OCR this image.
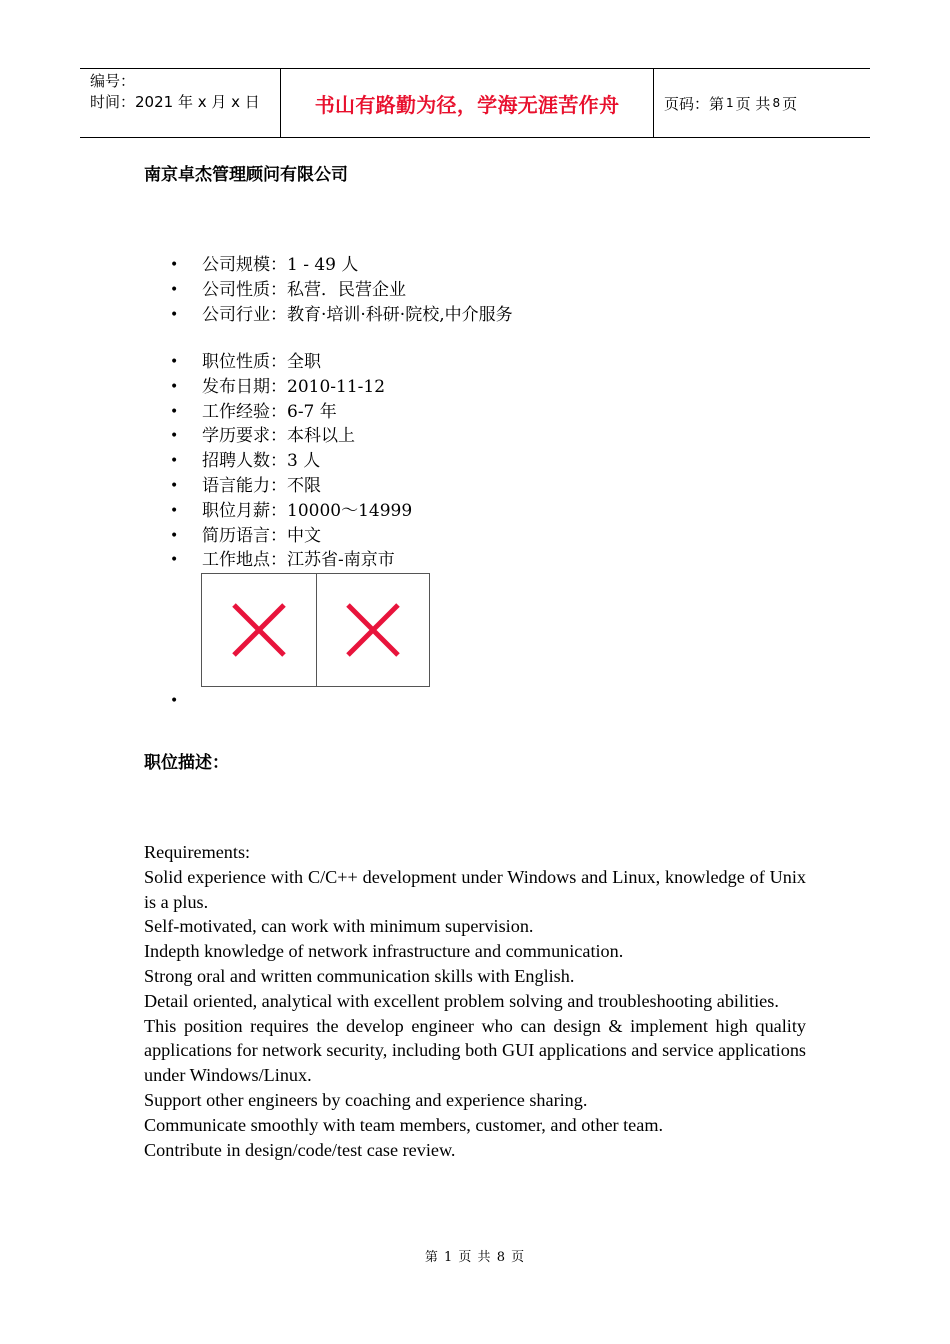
编号：
时间：2021 年 x 月 x 日	书山有路勤为径，学海无涯苦作舟	页码：第 1 页 共 8 页
南京卓杰管理顾问有限公司
• 公司规模：1 - 49 人
• 公司性质：私营．民营企业
• 公司行业：教育·培训·科研·院校,中介服务
• 职位性质：全职
• 发布日期：2010-11-12
• 工作经验：6-7 年
• 学历要求：本科以上
• 招聘人数：3 人
• 语言能力：不限
• 职位月薪：10000～14999
• 简历语言：中文
• 工作地点：江苏省-南京市
•
职位描述：

Requirements:

Solid experience with C/C++ development under Windows and Linux, knowledge of Unix is a plus.

Self-motivated, can work with minimum supervision.

Indepth knowledge of network infrastructure and communication.

Strong oral and written communication skills with English.

Detail oriented, analytical with excellent problem solving and troubleshooting abilities.

This position requires the develop engineer who can design & implement high quality applications for network security, including both GUI applications and service applications under Windows/Linux.

Support other engineers by coaching and experience sharing.

Communicate smoothly with team members, customer, and other team.

Contribute in design/code/test case review.

第 1 页 共 8 页
